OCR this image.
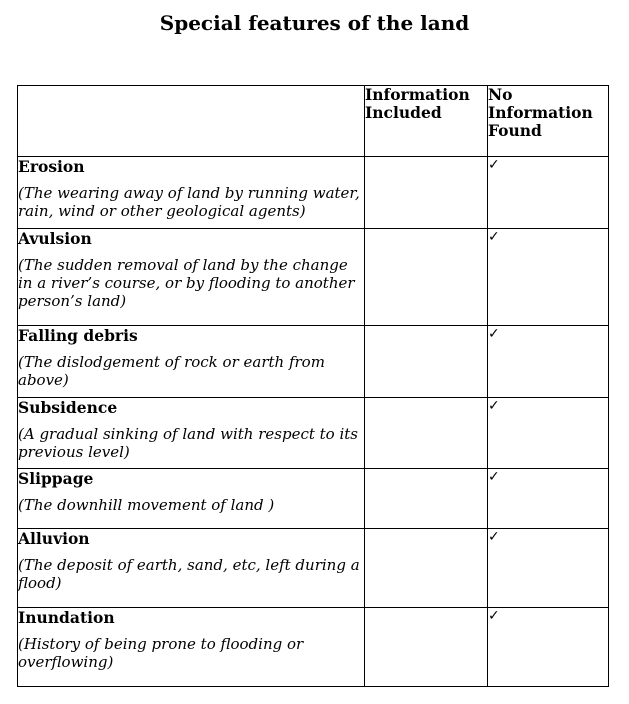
Special features of the land
	Information Included	No Information Found

Erosion
(The wearing away of land by running water, rain, wind or other geological agents)		✓

Avulsion
(The sudden removal of land by the change in a river’s course, or by flooding to another person’s land)		✓

Falling debris
(The dislodgement of rock or earth from above)		✓

Subsidence
(A gradual sinking of land with respect to its previous level)		✓

Slippage
(The downhill movement of land )		✓

Alluvion
(The deposit of earth, sand, etc, left during a flood)		✓

Inundation
(History of being prone to flooding or overflowing)		✓
